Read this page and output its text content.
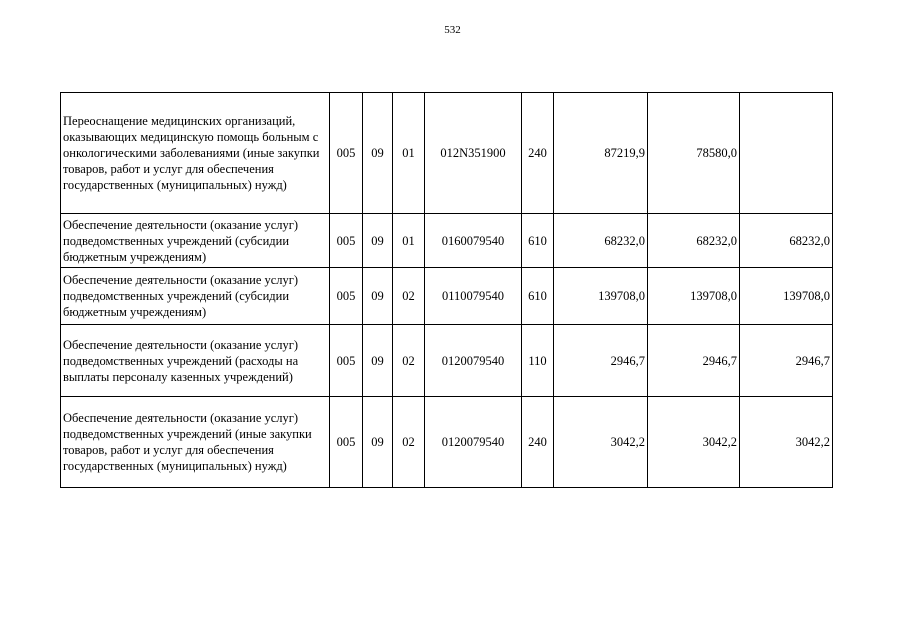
532
Переоснащение медицинских организаций, оказывающих медицинскую помощь больным с онкологическими заболеваниями (иные закупки товаров, работ и услуг для обеспечения государственных (муниципальных) нужд)	005	09	01	012N351900	240	87219,9	78580,0	
Обеспечение деятельности (оказание услуг) подведомственных учреждений (субсидии бюджетным учреждениям)	005	09	01	0160079540	610	68232,0	68232,0	68232,0
Обеспечение деятельности (оказание услуг) подведомственных учреждений (субсидии бюджетным учреждениям)	005	09	02	0110079540	610	139708,0	139708,0	139708,0
Обеспечение деятельности (оказание услуг) подведомственных учреждений (расходы на выплаты персоналу казенных учреждений)	005	09	02	0120079540	110	2946,7	2946,7	2946,7
Обеспечение деятельности (оказание услуг) подведомственных учреждений (иные закупки товаров, работ и услуг для обеспечения государственных (муниципальных) нужд)	005	09	02	0120079540	240	3042,2	3042,2	3042,2
